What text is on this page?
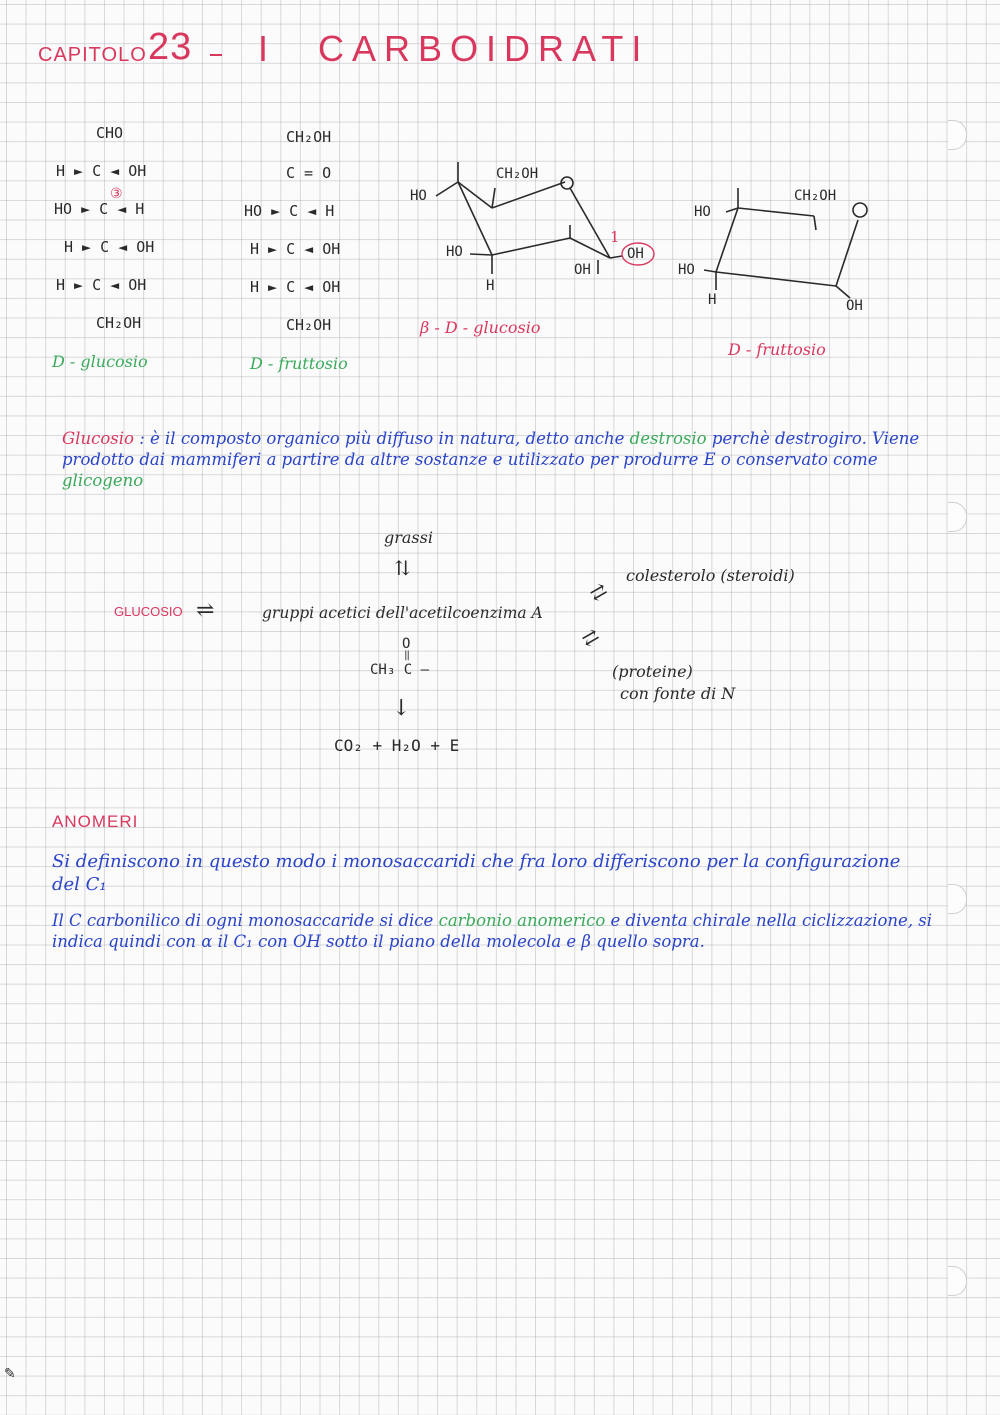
CAPITOLO 23 I CARBOIDRATI
CHO
H ► C ◄ OH
HO ► C ◄ H
H ► C ◄ OH
H ► C ◄ OH
CH₂OH
③
D - glucosio
CH₂OH
C = O
HO ► C ◄ H
H ► C ◄ OH
H ► C ◄ OH
CH₂OH
D - fruttosio
HO
CH₂OH
HO
H
OH
OH
1
β - D - glucosio
CH₂OH
HO
HO
H	OH
D - fruttosio
Glucosio : è il composto organico più diffuso in natura, detto anche destrosio perchè destrogiro. Viene prodotto dai mammiferi a partire da altre sostanze e utilizzato per produrre E o conservato come glicogeno
grassi
⇅
GLUCOSIO ⇌	gruppi acetici dell'acetilcoenzima A
⇄
colesterolo (steroidi)
⇅
(proteine)
con fonte di N
O
‖
CH₃ C –
↓
CO₂ + H₂O + E
ANOMERI
Si definiscono in questo modo i monosaccaridi che fra loro differiscono per la configurazione del C₁
Il C carbonilico di ogni monosaccaride si dice carbonio anomerico e diventa chirale nella ciclizzazione, si indica quindi con α il C₁ con OH sotto il piano della molecola e β quello sopra.
✎
